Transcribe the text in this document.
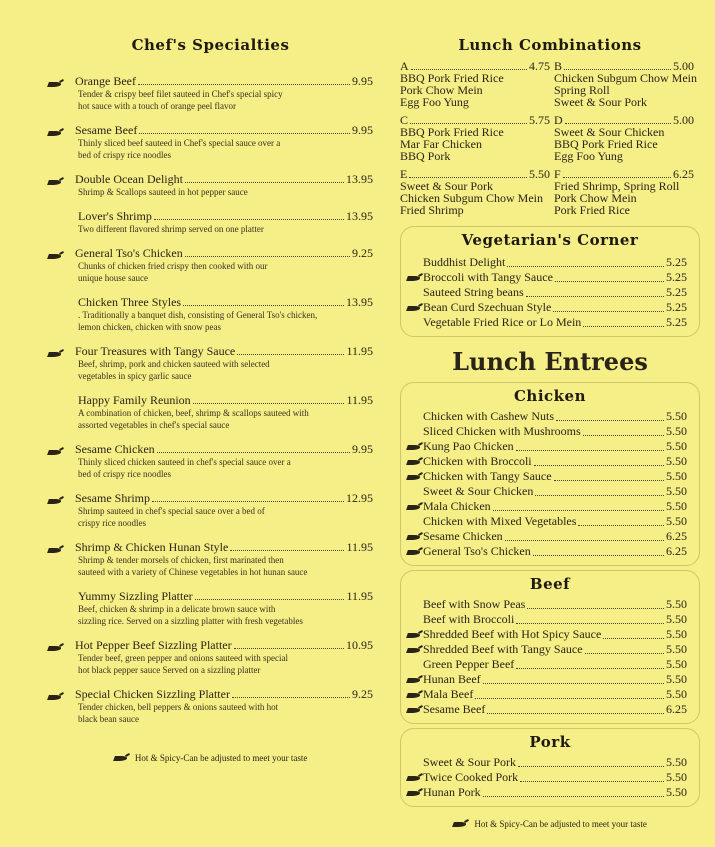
Chef's Specialties
Orange Beef	9.95
Tender & crispy beef filet sauteed in Chef's special spicy
hot sauce with a touch of orange peel flavor
Sesame Beef	9.95
Thinly sliced beef sauteed in Chef's special sauce over a
bed of crispy rice noodles
Double Ocean Delight	13.95
Shrimp & Scallops sauteed in hot pepper sauce
Lover's Shrimp	13.95
Two different flavored shrimp served on one platter
General Tso's Chicken	9.25
Chunks of chicken fried crispy then cooked with our
unique house sauce
Chicken Three Styles	13.95
. Traditionally a banquet dish, consisting of General Tso's chicken,
lemon chicken, chicken with snow peas
Four Treasures with Tangy Sauce	11.95
Beef, shrimp, pork and chicken sauteed with selected
vegetables in spicy garlic sauce
Happy Family Reunion	11.95
A combination of chicken, beef, shrimp & scallops sauteed with
assorted vegetables in chef's special sauce
Sesame Chicken	9.95
Thinly sliced chicken sauteed in chef's special sauce over a
bed of crispy rice noodles
Sesame Shrimp	12.95
Shrimp sauteed in chef's special sauce over a bed of
crispy rice noodles
Shrimp & Chicken Hunan Style	11.95
Shrimp & tender morsels of chicken, first marinated then
sauteed with a variety of Chinese vegetables in hot hunan sauce
Yummy Sizzling Platter	11.95
Beef, chicken & shrimp in a delicate brown sauce with
sizzling rice. Served on a sizzling platter with fresh vegetables
Hot Pepper Beef Sizzling Platter	10.95
Tender beef, green pepper and onions sauteed with special
hot black pepper sauce Served on a sizzling platter
Special Chicken Sizzling Platter	9.25
Tender chicken, bell peppers & onions sauteed with hot
black bean sauce
Hot & Spicy-Can be adjusted to meet your taste
Lunch Combinations
A	4.75
BBQ Pork Fried Rice
Pork Chow Mein
Egg Foo Yung
B	5.00
Chicken Subgum Chow Mein
Spring Roll
Sweet & Sour Pork
C	5.75
BBQ Pork Fried Rice
Mar Far Chicken
BBQ Pork
D	5.00
Sweet & Sour Chicken
BBQ Pork Fried Rice
Egg Foo Yung
E	5.50
Sweet & Sour Pork
Chicken Subgum Chow Mein
Fried Shrimp
F	6.25
Fried Shrimp, Spring Roll
Pork Chow Mein
Pork Fried Rice
Vegetarian's Corner
Buddhist Delight	5.25
Broccoli with Tangy Sauce	5.25
Sauteed String beans	5.25
Bean Curd Szechuan Style	5.25
Vegetable Fried Rice or Lo Mein	5.25
Lunch Entrees
Chicken
Chicken with Cashew Nuts	5.50
Sliced Chicken with Mushrooms	5.50
Kung Pao Chicken	5.50
Chicken with Broccoli	5.50
Chicken with Tangy Sauce	5.50
Sweet & Sour Chicken	5.50
Mala Chicken	5.50
Chicken with Mixed Vegetables	5.50
Sesame Chicken	6.25
General Tso's Chicken	6.25
Beef
Beef with Snow Peas	5.50
Beef with Broccoli	5.50
Shredded Beef with Hot Spicy Sauce	5.50
Shredded Beef with Tangy Sauce	5.50
Green Pepper Beef	5.50
Hunan Beef	5.50
Mala Beef	5.50
Sesame Beef	6.25
Pork
Sweet & Sour Pork	5.50
Twice Cooked Pork	5.50
Hunan Pork	5.50
Hot & Spicy-Can be adjusted to meet your taste
